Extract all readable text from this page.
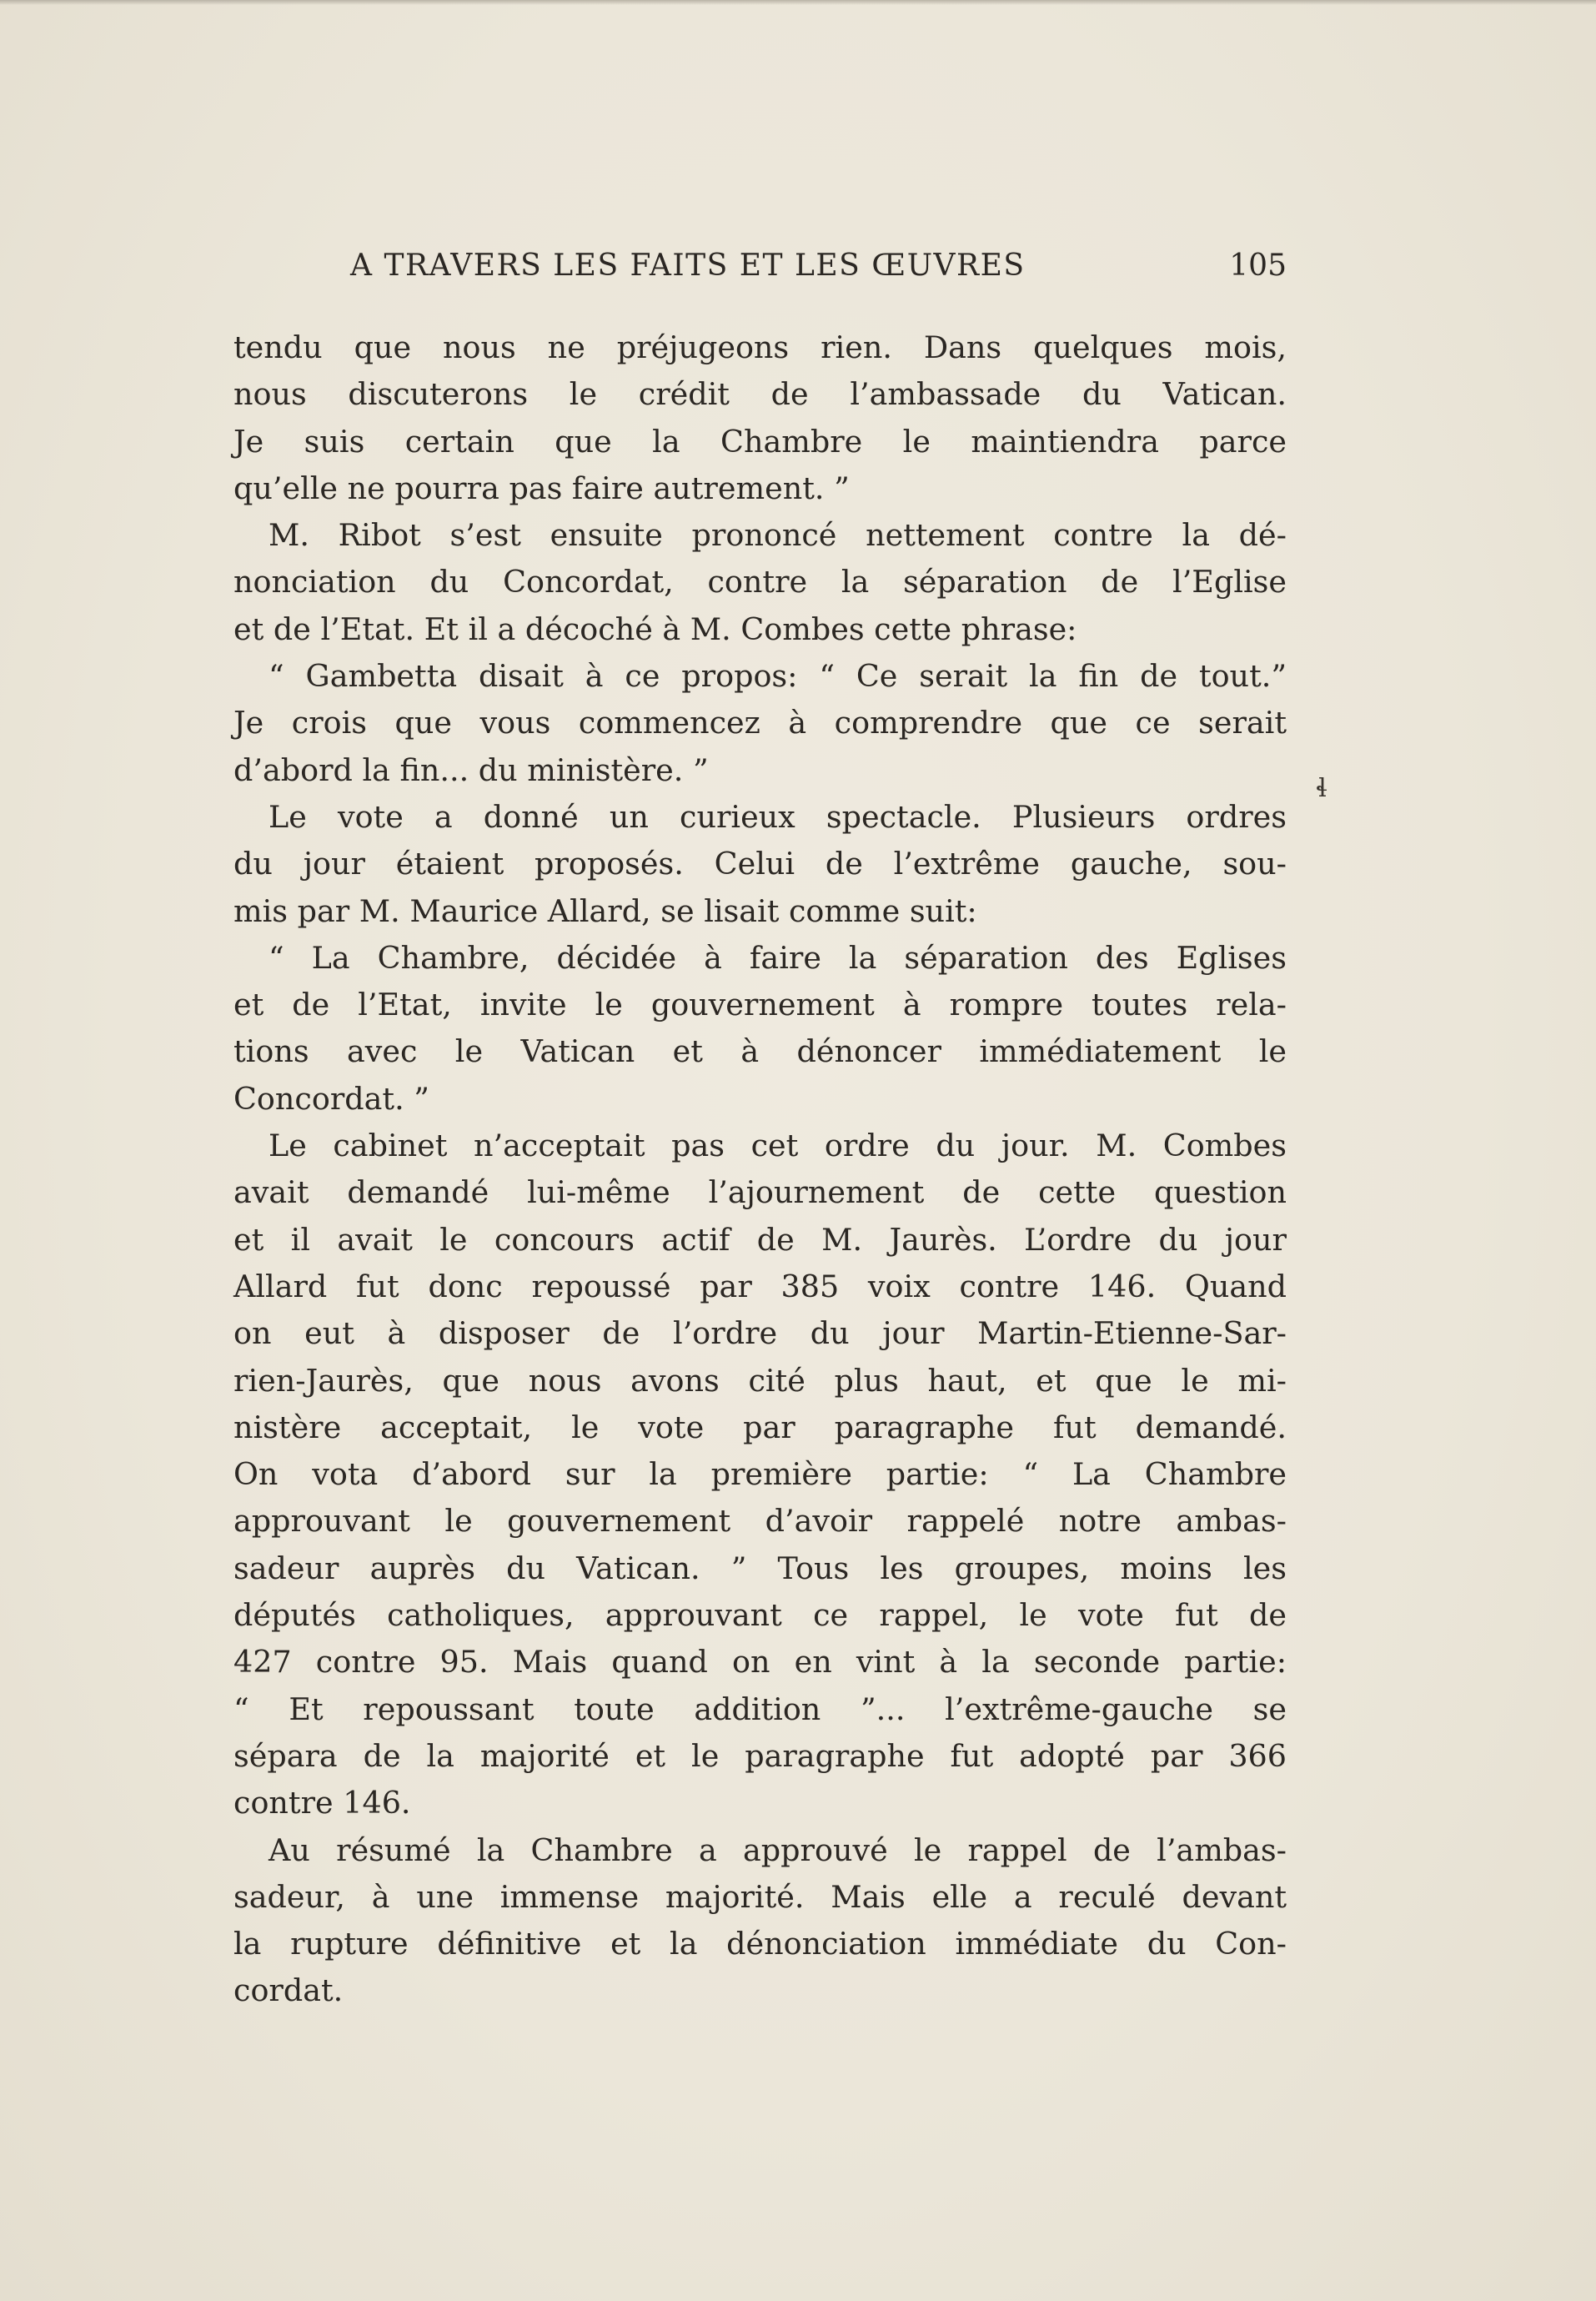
A TRAVERS LES FAITS ET LES ŒUVRES	105
tendu que nous ne préjugeons rien. Dans quelques mois,
nous discuterons le crédit de l’ambassade du Vatican.
Je suis certain que la Chambre le maintiendra parce
qu’elle ne pourra pas faire autrement. ”
M. Ribot s’est ensuite prononcé nettement contre la dé-
nonciation du Concordat, contre la séparation de l’Eglise
et de l’Etat. Et il a décoché à M. Combes cette phrase:
“ Gambetta disait à ce propos: “ Ce serait la fin de tout.”
Je crois que vous commencez à comprendre que ce serait
d’abord la fin... du ministère. ”
Le vote a donné un curieux spectacle. Plusieurs ordres
du jour étaient proposés. Celui de l’extrême gauche, sou-
mis par M. Maurice Allard, se lisait comme suit:
“ La Chambre, décidée à faire la séparation des Eglises
et de l’Etat, invite le gouvernement à rompre toutes rela-
tions avec le Vatican et à dénoncer immédiatement le
Concordat. ”
Le cabinet n’acceptait pas cet ordre du jour. M. Combes
avait demandé lui-même l’ajournement de cette question
et il avait le concours actif de M. Jaurès. L’ordre du jour
Allard fut donc repoussé par 385 voix contre 146. Quand
on eut à disposer de l’ordre du jour Martin-Etienne-Sar-
rien-Jaurès, que nous avons cité plus haut, et que le mi-
nistère acceptait, le vote par paragraphe fut demandé.
On vota d’abord sur la première partie: “ La Chambre
approuvant le gouvernement d’avoir rappelé notre ambas-
sadeur auprès du Vatican. ” Tous les groupes, moins les
députés catholiques, approuvant ce rappel, le vote fut de
427 contre 95. Mais quand on en vint à la seconde partie:
“ Et repoussant toute addition ”... l’extrême-gauche se
sépara de la majorité et le paragraphe fut adopté par 366
contre 146.
Au résumé la Chambre a approuvé le rappel de l’ambas-
sadeur, à une immense majorité. Mais elle a reculé devant
la rupture définitive et la dénonciation immédiate du Con-
cordat.
ɬ
